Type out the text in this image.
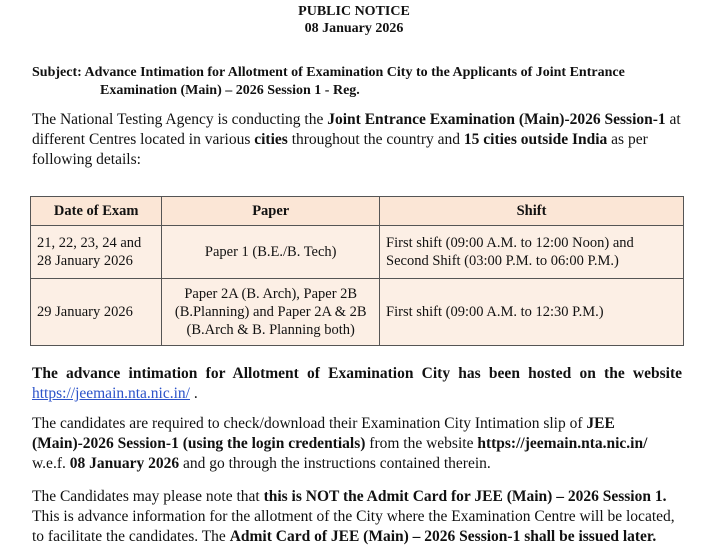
PUBLIC NOTICE
08 January 2026
Subject: Advance Intimation for Allotment of Examination City to the Applicants of Joint Entrance
Examination (Main) – 2026 Session 1 - Reg.
The National Testing Agency is conducting the Joint Entrance Examination (Main)-2026 Session-1 at different Centres located in various cities throughout the country and 15 cities outside India as per following details:
Date of Exam	Paper	Shift
21, 22, 23, 24 and 28 January 2026	Paper 1 (B.E./B. Tech)	First shift (09:00 A.M. to 12:00 Noon) and Second Shift (03:00 P.M. to 06:00 P.M.)
29 January 2026	Paper 2A (B. Arch), Paper 2B (B.Planning) and Paper 2A & 2B (B.Arch & B. Planning both)	First shift (09:00 A.M. to 12:30 P.M.)
The advance intimation for Allotment of Examination City has been hosted on the website https://jeemain.nta.nic.in/ .
The candidates are required to check/download their Examination City Intimation slip of JEE (Main)-2026 Session-1 (using the login credentials) from the website https://jeemain.nta.nic.in/ w.e.f. 08 January 2026 and go through the instructions contained therein.
The Candidates may please note that this is NOT the Admit Card for JEE (Main) – 2026 Session 1. This is advance information for the allotment of the City where the Examination Centre will be located, to facilitate the candidates. The Admit Card of JEE (Main) – 2026 Session-1 shall be issued later.
